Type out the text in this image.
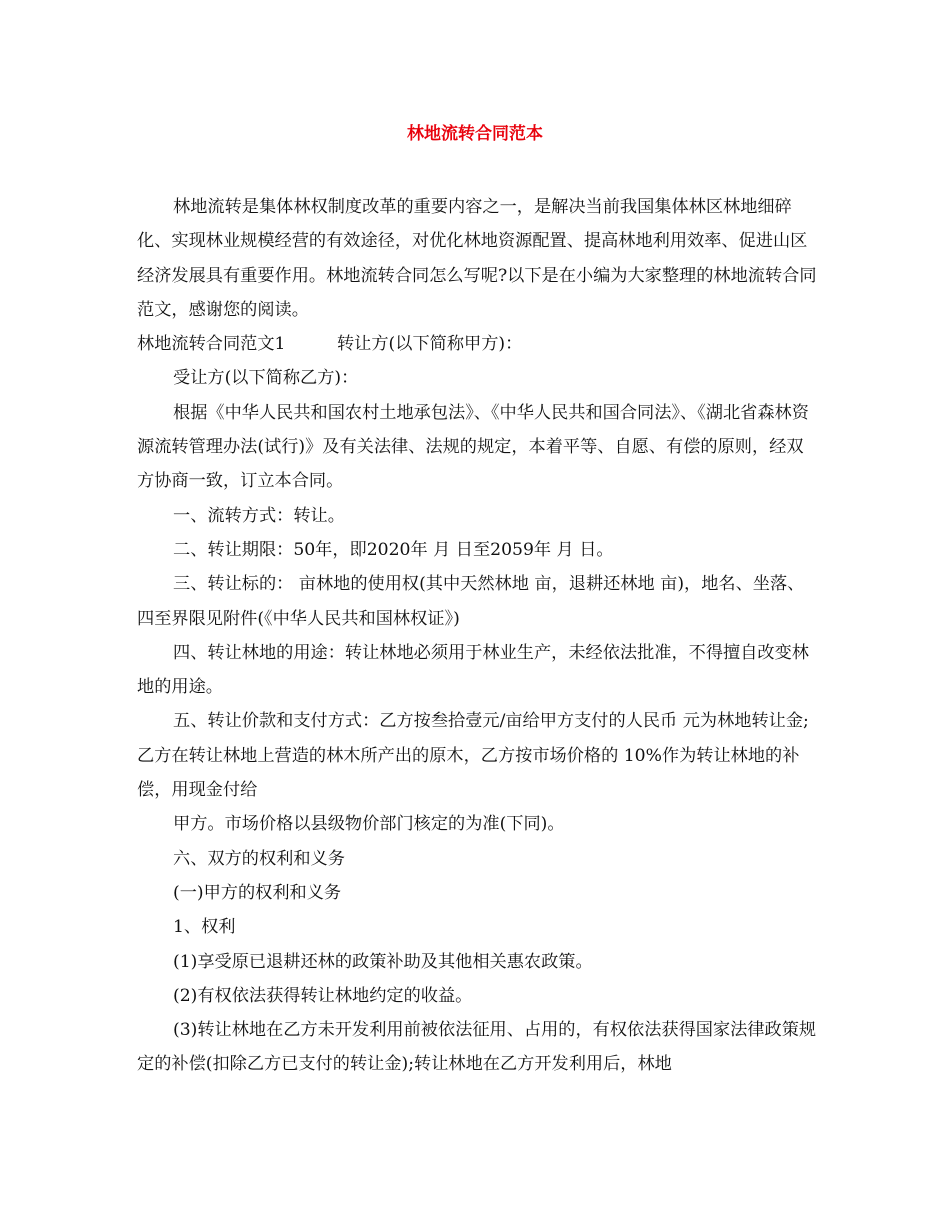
林地流转合同范本

林地流转是集体林权制度改革的重要内容之一，是解决当前我国集体林区林地细碎化、实现林业规模经营的有效途径，对优化林地资源配置、提高林地利用效率、促进山区经济发展具有重要作用。林地流转合同怎么写呢?以下是在小编为大家整理的林地流转合同范文，感谢您的阅读。

林地流转合同范文1　　　转让方(以下简称甲方)：

受让方(以下简称乙方)：

根据《中华人民共和国农村土地承包法》、《中华人民共和国合同法》、《湖北省森林资源流转管理办法(试行)》及有关法律、法规的规定，本着平等、自愿、有偿的原则，经双方协商一致，订立本合同。

一、流转方式：转让。

二、转让期限：50年，即2020年 月 日至2059年 月 日。

三、转让标的： 亩林地的使用权(其中天然林地 亩，退耕还林地 亩)，地名、坐落、四至界限见附件(《中华人民共和国林权证》)

四、转让林地的用途：转让林地必须用于林业生产，未经依法批准，不得擅自改变林地的用途。

五、转让价款和支付方式：乙方按叁拾壹元/亩给甲方支付的人民币 元为林地转让金;乙方在转让林地上营造的林木所产出的原木，乙方按市场价格的 10%作为转让林地的补偿，用现金付给

甲方。市场价格以县级物价部门核定的为准(下同)。

六、双方的权利和义务

(一)甲方的权利和义务

1、权利

(1)享受原已退耕还林的政策补助及其他相关惠农政策。

(2)有权依法获得转让林地约定的收益。

(3)转让林地在乙方未开发利用前被依法征用、占用的，有权依法获得国家法律政策规定的补偿(扣除乙方已支付的转让金);转让林地在乙方开发利用后，林地
